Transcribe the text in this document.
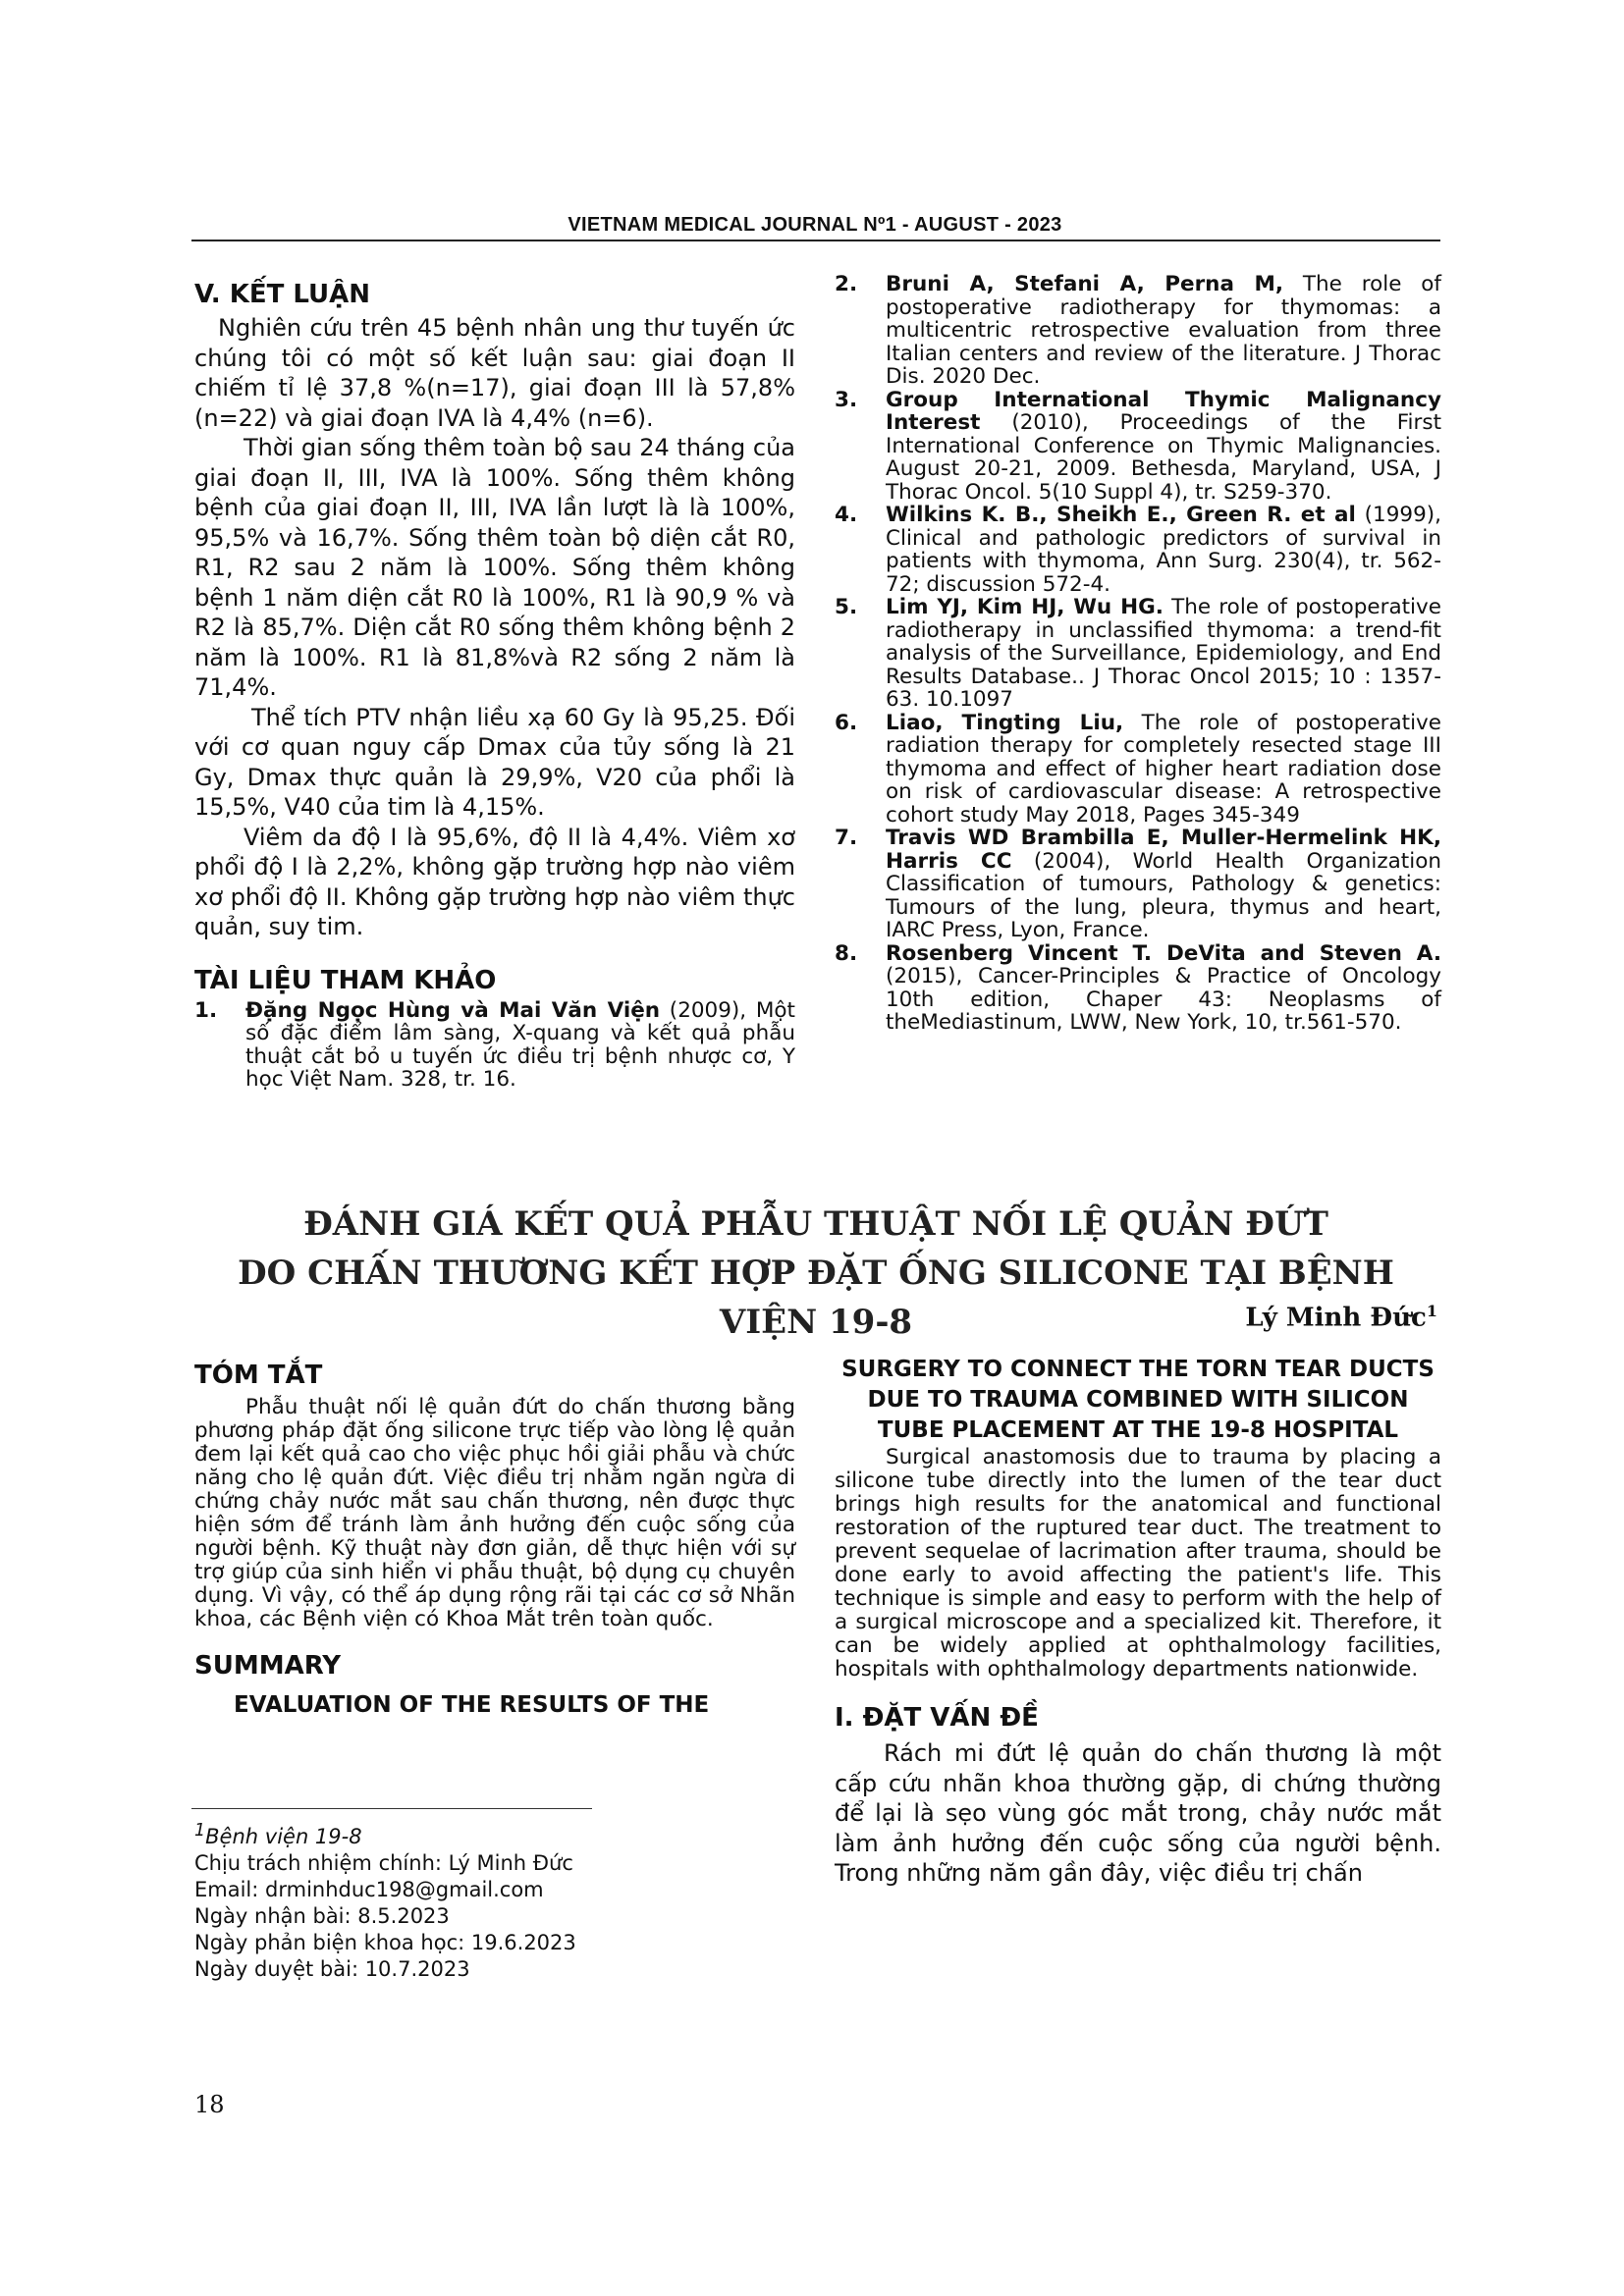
VIETNAM MEDICAL JOURNAL Nº1 - AUGUST - 2023
V. KẾT LUẬN

Nghiên cứu trên 45 bệnh nhân ung thư tuyến ức chúng tôi có một số kết luận sau: giai đoạn II chiếm tỉ lệ 37,8 %(n=17), giai đoạn III là 57,8% (n=22) và giai đoạn IVA là 4,4% (n=6).

Thời gian sống thêm toàn bộ sau 24 tháng của giai đoạn II, III, IVA là 100%. Sống thêm không bệnh của giai đoạn II, III, IVA lần lượt là là 100%, 95,5% và 16,7%. Sống thêm toàn bộ diện cắt R0, R1, R2 sau 2 năm là 100%. Sống thêm không bệnh 1 năm diện cắt R0 là 100%, R1 là 90,9 % và R2 là 85,7%. Diện cắt R0 sống thêm không bệnh 2 năm là 100%. R1 là 81,8%và R2 sống 2 năm là 71,4%.

Thể tích PTV nhận liều xạ 60 Gy là 95,25. Đối với cơ quan nguy cấp Dmax của tủy sống là 21 Gy, Dmax thực quản là 29,9%, V20 của phổi là 15,5%, V40 của tim là 4,15%.

Viêm da độ I là 95,6%, độ II là 4,4%. Viêm xơ phổi độ I là 2,2%, không gặp trường hợp nào viêm xơ phổi độ II. Không gặp trường hợp nào viêm thực quản, suy tim.

TÀI LIỆU THAM KHẢO
1.	Đặng Ngọc Hùng và Mai Văn Viện (2009), Một số đặc điểm lâm sàng, X-quang và kết quả phẫu thuật cắt bỏ u tuyến ức điều trị bệnh nhược cơ, Y học Việt Nam. 328, tr. 16.
2.	Bruni A, Stefani A, Perna M, The role of postoperative radiotherapy for thymomas: a multicentric retrospective evaluation from three Italian centers and review of the literature. J Thorac Dis. 2020 Dec.
3.	Group International Thymic Malignancy Interest (2010), Proceedings of the First International Conference on Thymic Malignancies. August 20-21, 2009. Bethesda, Maryland, USA, J Thorac Oncol. 5(10 Suppl 4), tr. S259-370.
4.	Wilkins K. B., Sheikh E., Green R. et al (1999), Clinical and pathologic predictors of survival in patients with thymoma, Ann Surg. 230(4), tr. 562-72; discussion 572-4.
5.	Lim YJ, Kim HJ, Wu HG. The role of postoperative radiotherapy in unclassified thymoma: a trend-fit analysis of the Surveillance, Epidemiology, and End Results Database.. J Thorac Oncol 2015; 10 : 1357-63. 10.1097
6.	Liao, Tingting Liu, The role of postoperative radiation therapy for completely resected stage III thymoma and effect of higher heart radiation dose on risk of cardiovascular disease: A retrospective cohort study May 2018, Pages 345-349
7.	Travis WD Brambilla E, Muller-Hermelink HK, Harris CC (2004), World Health Organization Classification of tumours, Pathology & genetics: Tumours of the lung, pleura, thymus and heart, IARC Press, Lyon, France.
8.	Rosenberg Vincent T. DeVita and Steven A. (2015), Cancer-Principles & Practice of Oncology 10th edition, Chaper 43: Neoplasms of theMediastinum, LWW, New York, 10, tr.561-570.
ĐÁNH GIÁ KẾT QUẢ PHẪU THUẬT NỐI LỆ QUẢN ĐỨT
DO CHẤN THƯƠNG KẾT HỢP ĐẶT ỐNG SILICONE TẠI BỆNH VIỆN 19-8	Lý Minh Đức$^1$
TÓM TẮT

Phẫu thuật nối lệ quản đứt do chấn thương bằng phương pháp đặt ống silicone trực tiếp vào lòng lệ quản đem lại kết quả cao cho việc phục hồi giải phẫu và chức năng cho lệ quản đứt. Việc điều trị nhằm ngăn ngừa di chứng chảy nước mắt sau chấn thương, nên được thực hiện sớm để tránh làm ảnh hưởng đến cuộc sống của người bệnh. Kỹ thuật này đơn giản, dễ thực hiện với sự trợ giúp của sinh hiển vi phẫu thuật, bộ dụng cụ chuyên dụng. Vì vậy, có thể áp dụng rộng rãi tại các cơ sở Nhãn khoa, các Bệnh viện có Khoa Mắt trên toàn quốc.

SUMMARY
EVALUATION OF THE RESULTS OF THE
SURGERY TO CONNECT THE TORN TEAR DUCTS
DUE TO TRAUMA COMBINED WITH SILICON
TUBE PLACEMENT AT THE 19-8 HOSPITAL

Surgical anastomosis due to trauma by placing a silicone tube directly into the lumen of the tear duct brings high results for the anatomical and functional restoration of the ruptured tear duct. The treatment to prevent sequelae of lacrimation after trauma, should be done early to avoid affecting the patient's life. This technique is simple and easy to perform with the help of a surgical microscope and a specialized kit. Therefore, it can be widely applied at ophthalmology facilities, hospitals with ophthalmology departments nationwide.

I. ĐẶT VẤN ĐỀ

Rách mi đứt lệ quản do chấn thương là một cấp cứu nhãn khoa thường gặp, di chứng thường để lại là sẹo vùng góc mắt trong, chảy nước mắt làm ảnh hưởng đến cuộc sống của người bệnh. Trong những năm gần đây, việc điều trị chấn

$^1$Bệnh viện 19-8
Chịu trách nhiệm chính: Lý Minh Đức
Email: drminhduc198@gmail.com
Ngày nhận bài: 8.5.2023
Ngày phản biện khoa học: 19.6.2023
Ngày duyệt bài: 10.7.2023
18
